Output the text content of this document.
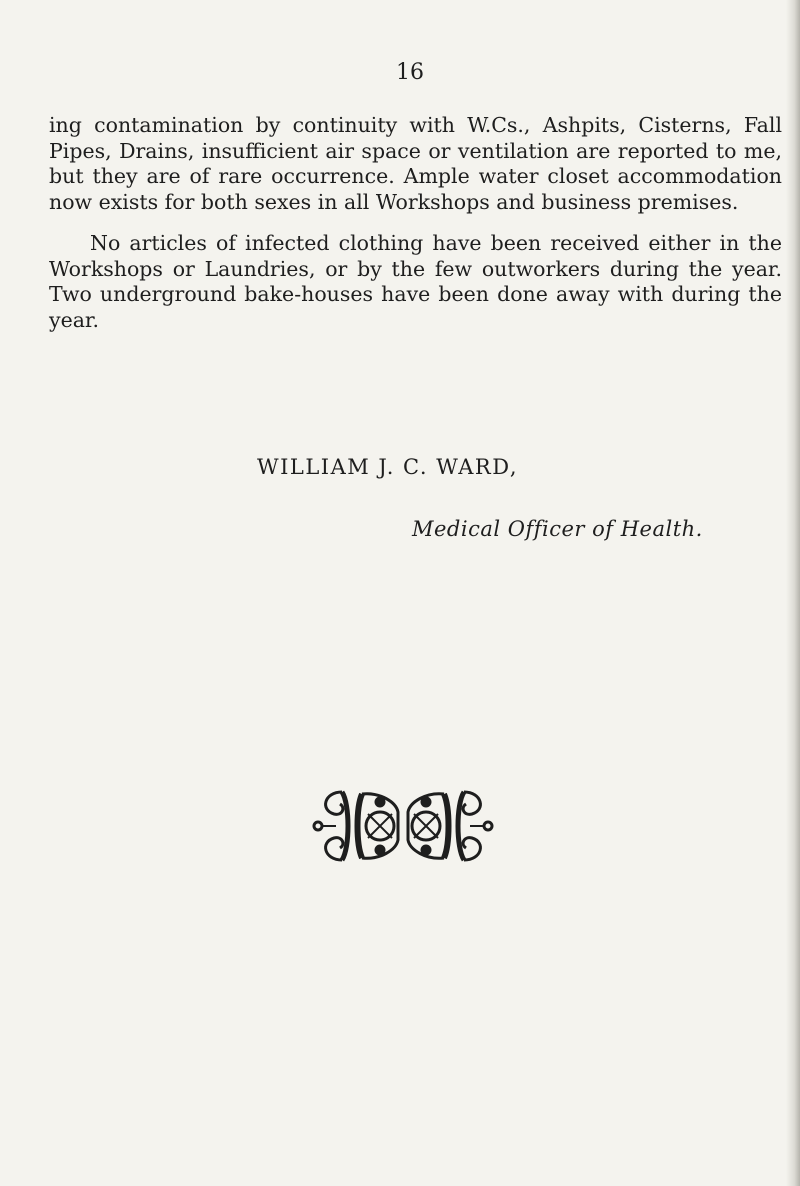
16

ing contamination by continuity with W.Cs., Ashpits, Cisterns, Fall Pipes, Drains, insufficient air space or ventilation are reported to me, but they are of rare occurrence. Ample water closet accommodation now exists for both sexes in all Workshops and business premises.

No articles of infected clothing have been received either in the Workshops or Laundries, or by the few outworkers during the year. Two underground bake-houses have been done away with during the year.

WILLIAM J. C. WARD,
Medical Officer of Health.
